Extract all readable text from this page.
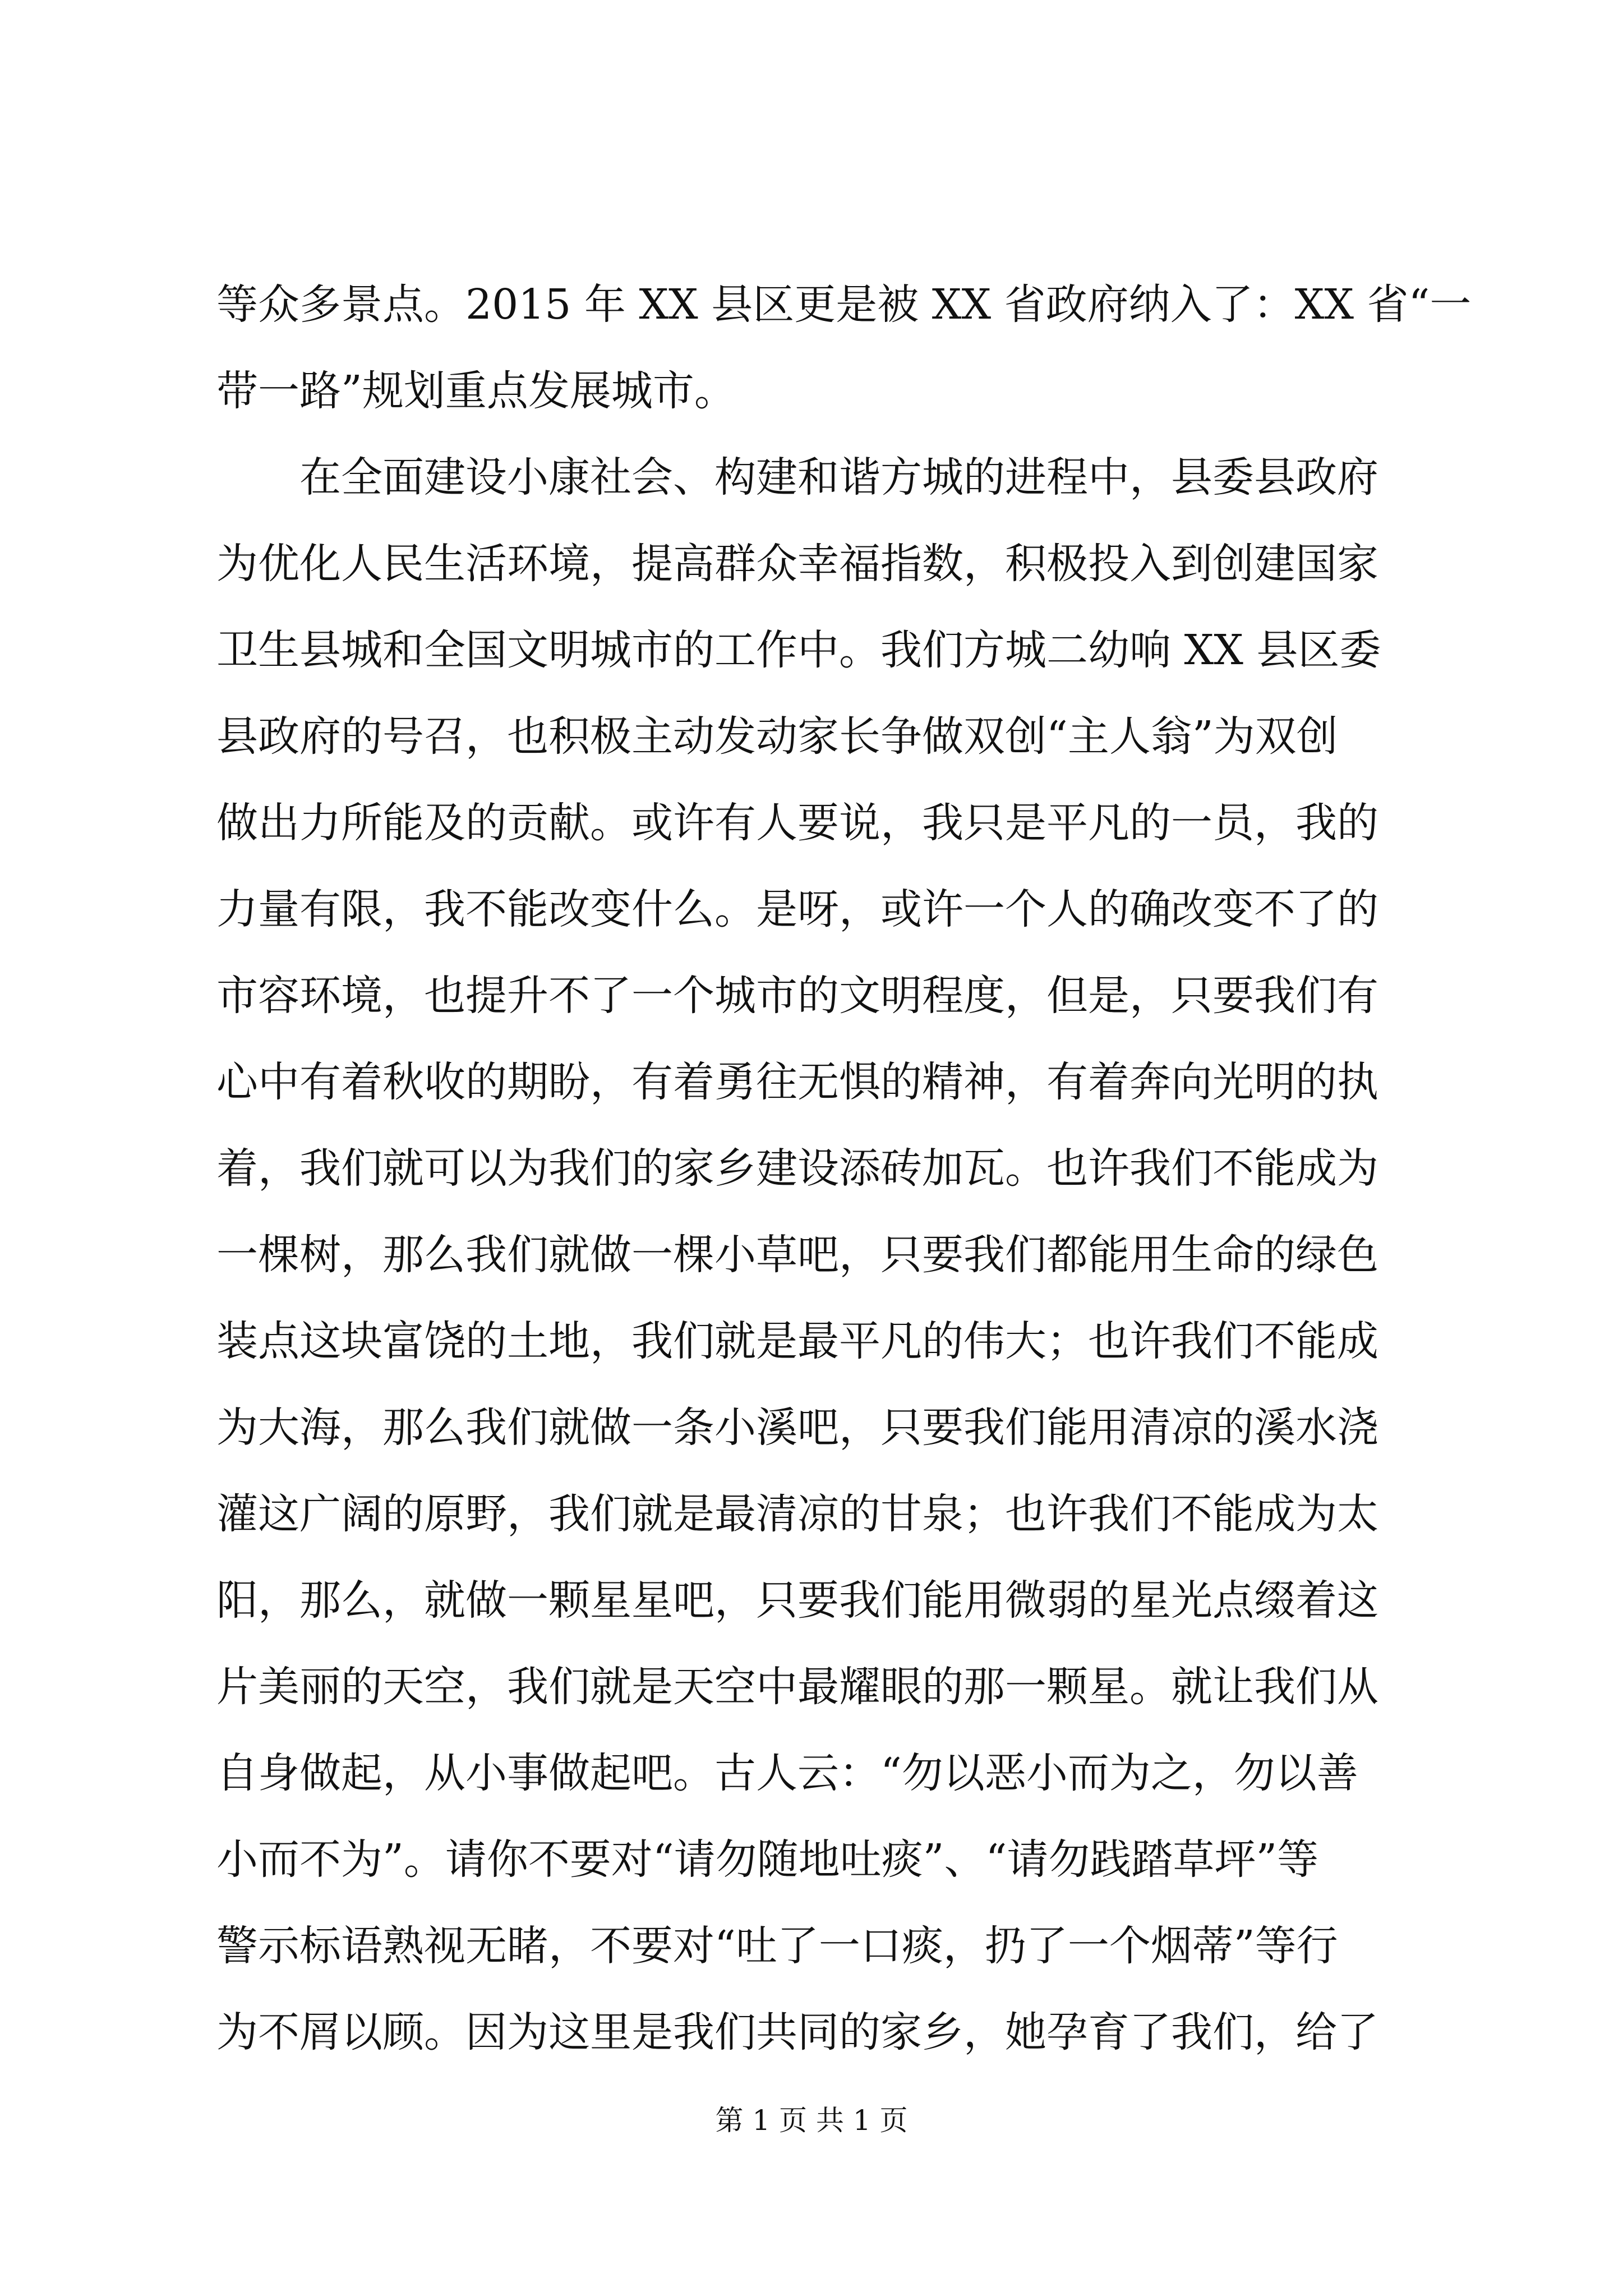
等众多景点。2015 年 XX 县区更是被 XX 省政府纳入了：XX 省“一
带一路”规划重点发展城市。
在全面建设小康社会、构建和谐方城的进程中，县委县政府
为优化人民生活环境，提高群众幸福指数，积极投入到创建国家
卫生县城和全国文明城市的工作中。我们方城二幼响 XX 县区委
县政府的号召，也积极主动发动家长争做双创“主人翁”为双创
做出力所能及的贡献。或许有人要说，我只是平凡的一员，我的
力量有限，我不能改变什么。是呀，或许一个人的确改变不了的
市容环境，也提升不了一个城市的文明程度，但是，只要我们有
心中有着秋收的期盼，有着勇往无惧的精神，有着奔向光明的执
着，我们就可以为我们的家乡建设添砖加瓦。也许我们不能成为
一棵树，那么我们就做一棵小草吧，只要我们都能用生命的绿色
装点这块富饶的土地，我们就是最平凡的伟大；也许我们不能成
为大海，那么我们就做一条小溪吧，只要我们能用清凉的溪水浇
灌这广阔的原野，我们就是最清凉的甘泉；也许我们不能成为太
阳，那么，就做一颗星星吧，只要我们能用微弱的星光点缀着这
片美丽的天空，我们就是天空中最耀眼的那一颗星。就让我们从
自身做起，从小事做起吧。古人云：“勿以恶小而为之，勿以善
小而不为”。请你不要对“请勿随地吐痰”、“请勿践踏草坪”等
警示标语熟视无睹，不要对“吐了一口痰，扔了一个烟蒂”等行
为不屑以顾。因为这里是我们共同的家乡，她孕育了我们，给了
第 1 页 共 1 页
